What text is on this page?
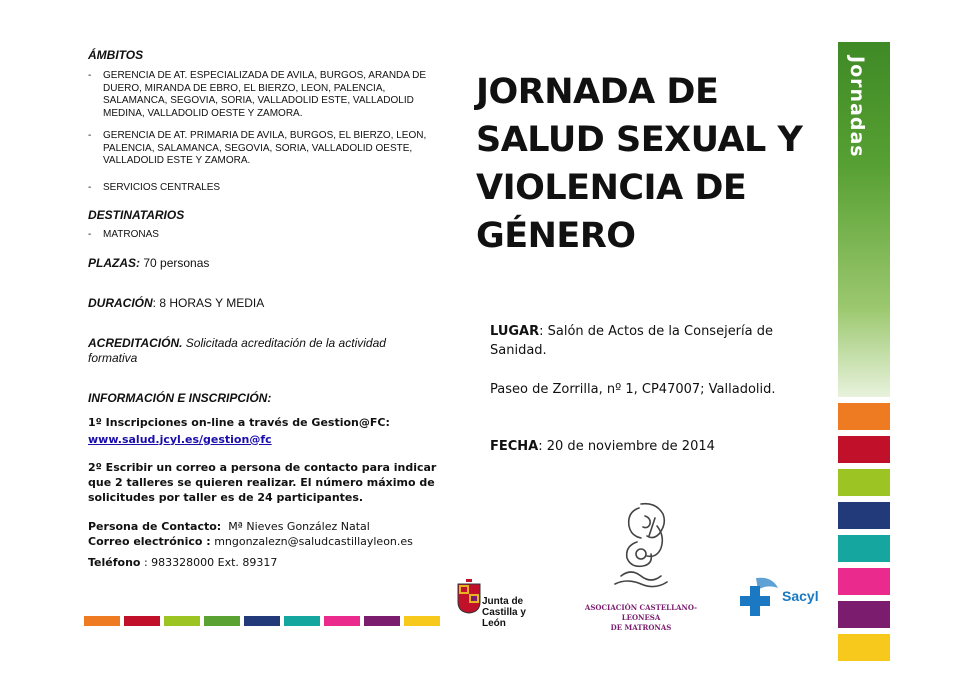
ÁMBITOS

- GERENCIA DE AT. ESPECIALIZADA DE AVILA, BURGOS, ARANDA DE DUERO, MIRANDA DE EBRO, EL BIERZO, LEON, PALENCIA, SALAMANCA, SEGOVIA, SORIA, VALLADOLID ESTE, VALLADOLID MEDINA, VALLADOLID OESTE Y ZAMORA.

- GERENCIA DE AT. PRIMARIA DE AVILA, BURGOS, EL BIERZO, LEON, PALENCIA, SALAMANCA, SEGOVIA, SORIA, VALLADOLID OESTE, VALLADOLID ESTE Y ZAMORA.

- SERVICIOS CENTRALES

DESTINATARIOS

- MATRONAS

PLAZAS: 70 personas

DURACIÓN: 8 HORAS Y MEDIA

ACREDITACIÓN. Solicitada acreditación de la actividad formativa

INFORMACIÓN E INSCRIPCIÓN:

1º Inscripciones on-line a través de Gestion@FC:

www.salud.jcyl.es/gestion@fc

2º Escribir un correo a persona de contacto para indicar que 2 talleres se quieren realizar. El número máximo de solicitudes por taller es de 24 participantes.

Persona de Contacto: Mª Nieves González Natal

Correo electrónico : mngonzalezn@saludcastillayleon.es

Teléfono : 983328000 Ext. 89317

JORNADA DE
SALUD SEXUAL Y
VIOLENCIA DE
GÉNERO
LUGAR: Salón de Actos de la Consejería de Sanidad.
Paseo de Zorrilla, nº 1, CP47007; Valladolid.
FECHA: 20 de noviembre de 2014
Jornadas
Junta de
Castilla y León
ASOCIACIÓN CASTELLANO- LEONESA
DE MATRONAS
Sacyl
